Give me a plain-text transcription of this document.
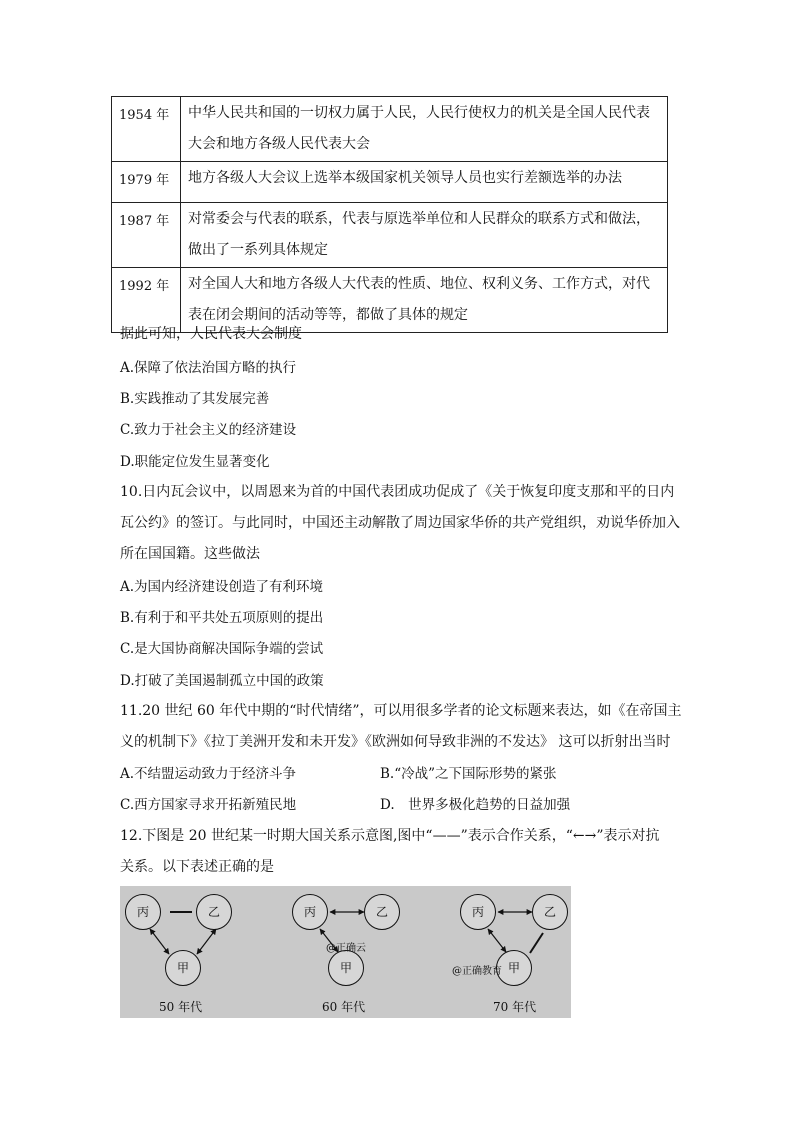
1954 年	中华人民共和国的一切权力属于人民，人民行使权力的机关是全国人民代表大会和地方各级人民代表大会
1979 年	地方各级人大会议上选举本级国家机关领导人员也实行差额选举的办法
1987 年	对常委会与代表的联系，代表与原选举单位和人民群众的联系方式和做法，做出了一系列具体规定
1992 年	对全国人大和地方各级人大代表的性质、地位、权利义务、工作方式，对代表在闭会期间的活动等等，都做了具体的规定
据此可知，人民代表大会制度
A.保障了依法治国方略的执行
B.实践推动了其发展完善
C.致力于社会主义的经济建设
D.职能定位发生显著变化
10.日内瓦会议中，以周恩来为首的中国代表团成功促成了《关于恢复印度支那和平的日内
瓦公约》的签订。与此同时，中国还主动解散了周边国家华侨的共产党组织，劝说华侨加入
所在国国籍。这些做法
A.为国内经济建设创造了有利环境
B.有利于和平共处五项原则的提出
C.是大国协商解决国际争端的尝试
D.打破了美国遏制孤立中国的政策
11.20 世纪 60 年代中期的“时代情绪”，可以用很多学者的论文标题来表达，如《在帝国主
义的机制下》《拉丁美洲开发和未开发》《欧洲如何导致非洲的不发达》 这可以折射出当时
A.不结盟运动致力于经济斗争	B.“冷战”之下国际形势的紧张
C.西方国家寻求开拓新殖民地	D.　世界多极化趋势的日益加强
12.下图是 20 世纪某一时期大国关系示意图,图中“——”表示合作关系，“←→”表示对抗
关系。以下表述正确的是
丙	乙
甲
50 年代
丙	乙
甲
@正确云
60 年代
丙	乙
甲
@正确教育
70 年代
